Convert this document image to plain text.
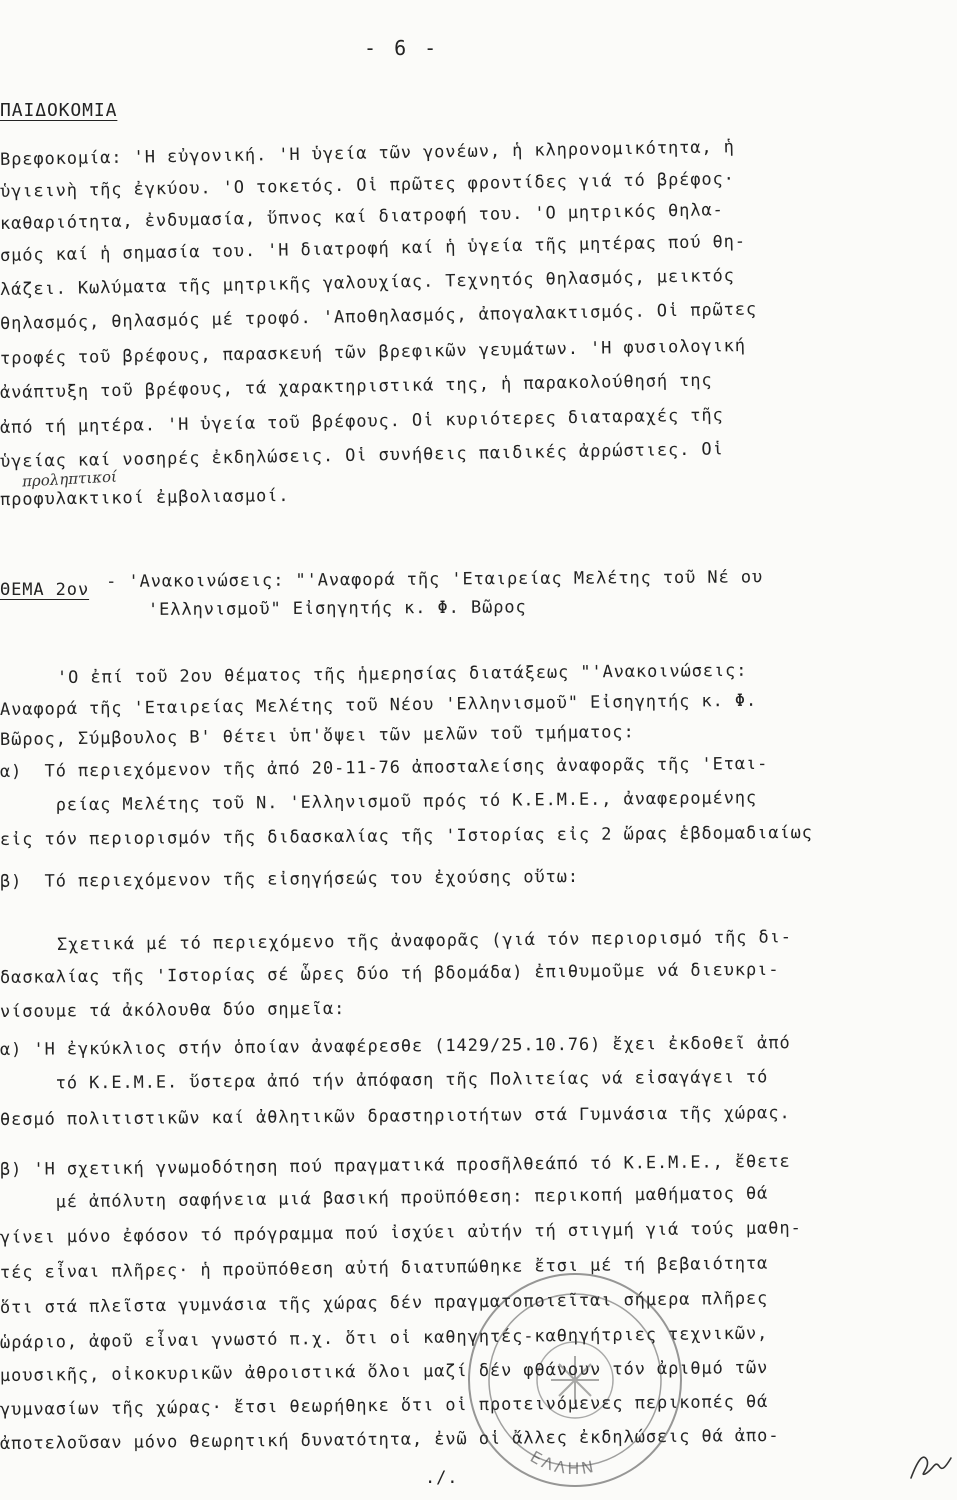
- 6 -
ΠΑΙΔΟΚΟΜΙΑ
Βρεφοκομία: 'Η εὐγονική. 'Η ὑγεία τῶν γονέων, ἡ κληρονομικότητα, ἡ
ὑγιεινὴ τῆς ἐγκύου. 'Ο τοκετός. Οἱ πρῶτες φροντίδες γιά τό βρέφος·
καθαριότητα, ἐνδυμασία, ὕπνος καί διατροφή του. 'Ο μητρικός θηλα-
σμός καί ἡ σημασία του. 'Η διατροφή καί ἡ ὑγεία τῆς μητέρας πού θη-
λάζει. Κωλύματα τῆς μητρικῆς γαλουχίας. Τεχνητός θηλασμός, μεικτός
θηλασμός, θηλασμός μέ τροφό. 'Αποθηλασμός, ἀπογαλακτισμός. Οἱ πρῶτες
τροφές τοῦ βρέφους, παρασκευή τῶν βρεφικῶν γευμάτων. 'Η φυσιολογική
ἀνάπτυξη τοῦ βρέφους, τά χαρακτηριστικά της, ἡ παρακολούθησή της
ἀπό τή μητέρα. 'Η ὑγεία τοῦ βρέφους. Οἱ κυριότερες διαταραχές τῆς
ὑγείας καί νοσηρές ἐκδηλώσεις. Οἱ συνήθεις παιδικές ἀρρώστιες. Οἱ
προφυλακτικοί ἐμβολιασμοί.
προληπτικοί
ΘΕΜΑ 2ον - 'Ανακοινώσεις: "'Αναφορά τῆς 'Εταιρείας Μελέτης τοῦ Νέ ου
'Ελληνισμοῦ" Εἰσηγητής κ. Φ. Βῶρος
'Ο ἐπί τοῦ 2ου θέματος τῆς ἡμερησίας διατάξεως "'Ανακοινώσεις:
Αναφορά τῆς 'Εταιρείας Μελέτης τοῦ Νέου 'Ελληνισμοῦ" Εἰσηγητής κ. Φ.
Βῶρος, Σύμβουλος Β' θέτει ὑπ'ὄψει τῶν μελῶν τοῦ τμήματος:
α)  Τό περιεχόμενον τῆς ἀπό 20-11-76 ἀποσταλείσης ἀναφορᾶς τῆς 'Εται-
ρείας Μελέτης τοῦ Ν. 'Ελληνισμοῦ πρός τό Κ.Ε.Μ.Ε., ἀναφερομένης
εἰς τόν περιορισμόν τῆς διδασκαλίας τῆς 'Ιστορίας εἰς 2 ὥρας ἑβδομαδιαίως
β)  Τό περιεχόμενον τῆς εἰσηγήσεώς του ἐχούσης οὕτω:
Σχετικά μέ τό περιεχόμενο τῆς ἀναφορᾶς (γιά τόν περιορισμό τῆς δι-
δασκαλίας τῆς 'Ιστορίας σέ ὧρες δύο τή βδομάδα) ἐπιθυμοῦμε νά διευκρι-
νίσουμε τά ἀκόλουθα δύο σημεῖα:
α) 'Η ἐγκύκλιος στήν ὁποίαν ἀναφέρεσθε (1429/25.10.76) ἔχει ἐκδοθεῖ ἀπό
τό Κ.Ε.Μ.Ε. ὕστερα ἀπό τήν ἀπόφαση τῆς Πολιτείας νά εἰσαγάγει τό
θεσμό πολιτιστικῶν καί ἀθλητικῶν δραστηριοτήτων στά Γυμνάσια τῆς χώρας.
β) 'Η σχετική γνωμοδότηση πού πραγματικά προσῆλθεάπό τό Κ.Ε.Μ.Ε., ἔθετε
μέ ἀπόλυτη σαφήνεια μιά βασική προϋπόθεση: περικοπή μαθήματος θά
γίνει μόνο ἐφόσον τό πρόγραμμα πού ἰσχύει αὐτήν τή στιγμή γιά τούς μαθη-
τές εἶναι πλῆρες· ἡ προϋπόθεση αὐτή διατυπώθηκε ἔτσι μέ τή βεβαιότητα
ὅτι στά πλεῖστα γυμνάσια τῆς χώρας δέν πραγματοποιεῖται σήμερα πλῆρες
ὡράριο, ἀφοῦ εἶναι γνωστό π.χ. ὅτι οἱ καθηγητές-καθηγήτριες τεχνικῶν,
μουσικῆς, οἰκοκυρικῶν ἀθροιστικά ὅλοι μαζί δέν φθάνουν τόν ἀριθμό τῶν
γυμνασίων τῆς χώρας· ἔτσι θεωρήθηκε ὅτι οἱ προτεινόμενες περικοπές θά
ἀποτελοῦσαν μόνο θεωρητική δυνατότητα, ἐνῶ οἱ ἄλλες ἐκδηλώσεις θά ἀπο-
./.
ΕΛΛΗΝ
